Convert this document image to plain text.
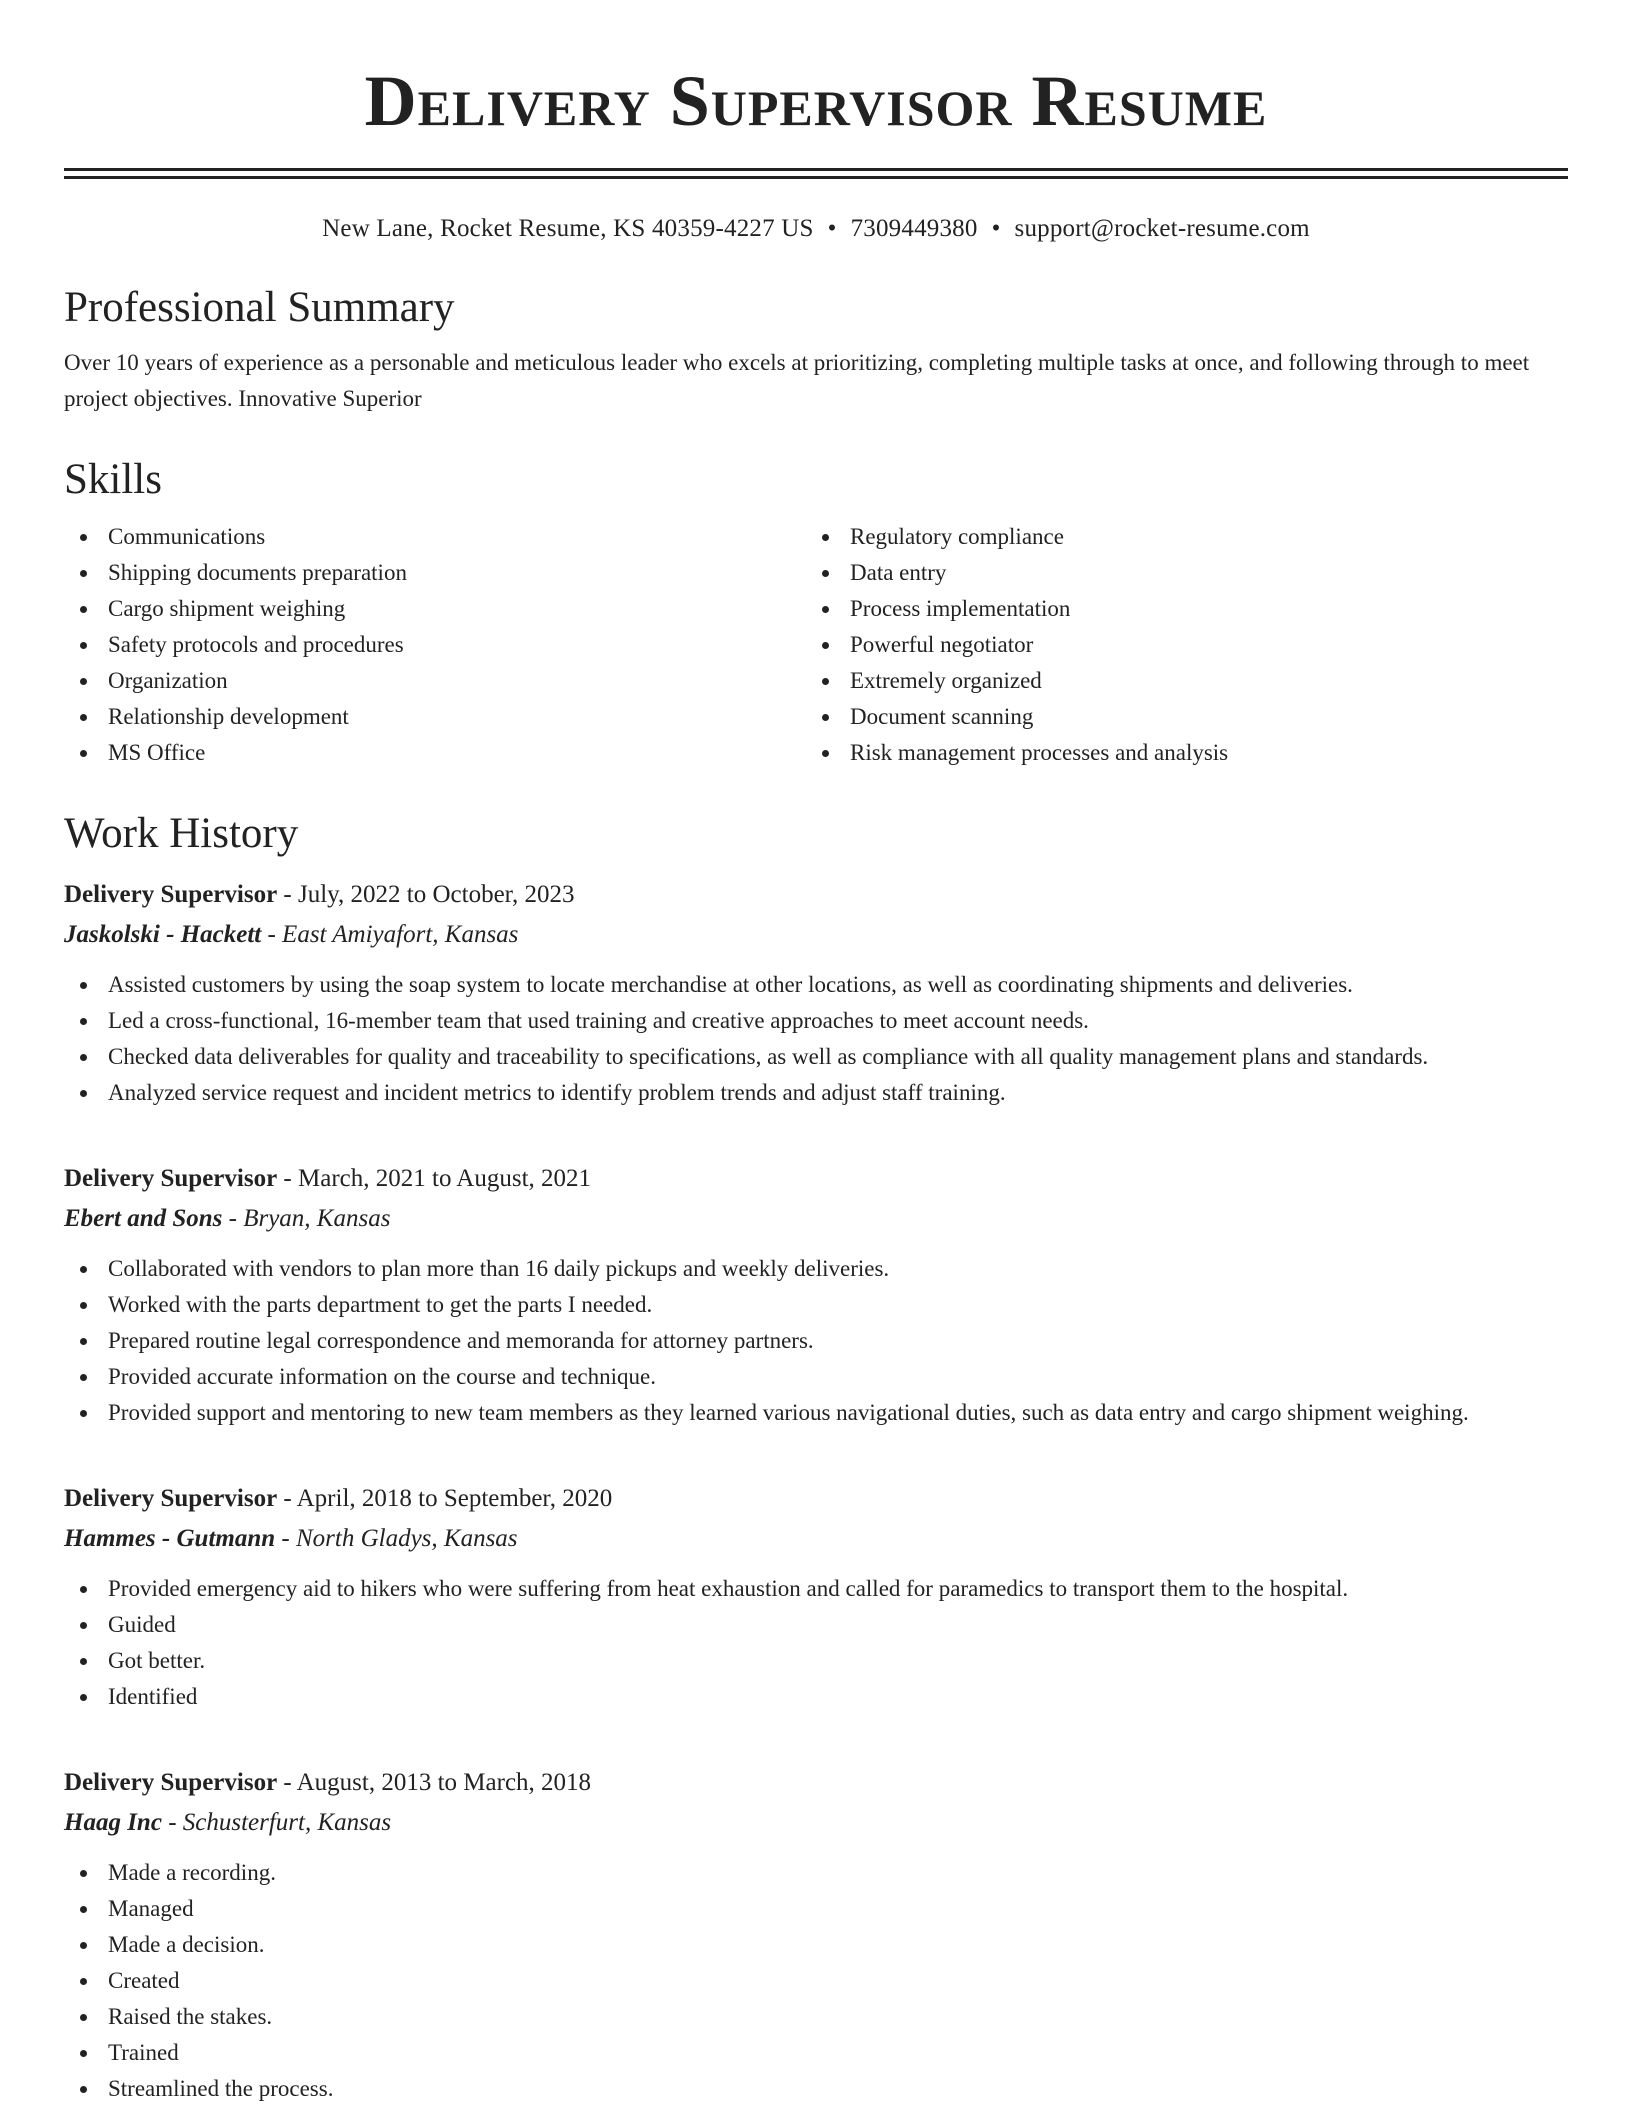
Delivery Supervisor Resume
New Lane, Rocket Resume, KS 40359-4227 US • 7309449380 • support@rocket-resume.com
Professional Summary

Over 10 years of experience as a personable and meticulous leader who excels at prioritizing, completing multiple tasks at once, and following through to meet project objectives. Innovative Superior

Skills
Communications
Shipping documents preparation
Cargo shipment weighing
Safety protocols and procedures
Organization
Relationship development
MS Office
Regulatory compliance
Data entry
Process implementation
Powerful negotiator
Extremely organized
Document scanning
Risk management processes and analysis
Work History
Delivery Supervisor - July, 2022 to October, 2023
Jaskolski - Hackett - East Amiyafort, Kansas
Assisted customers by using the soap system to locate merchandise at other locations, as well as coordinating shipments and deliveries.
Led a cross-functional, 16-member team that used training and creative approaches to meet account needs.
Checked data deliverables for quality and traceability to specifications, as well as compliance with all quality management plans and standards.
Analyzed service request and incident metrics to identify problem trends and adjust staff training.
Delivery Supervisor - March, 2021 to August, 2021
Ebert and Sons - Bryan, Kansas
Collaborated with vendors to plan more than 16 daily pickups and weekly deliveries.
Worked with the parts department to get the parts I needed.
Prepared routine legal correspondence and memoranda for attorney partners.
Provided accurate information on the course and technique.
Provided support and mentoring to new team members as they learned various navigational duties, such as data entry and cargo shipment weighing.
Delivery Supervisor - April, 2018 to September, 2020
Hammes - Gutmann - North Gladys, Kansas
Provided emergency aid to hikers who were suffering from heat exhaustion and called for paramedics to transport them to the hospital.
Guided
Got better.
Identified
Delivery Supervisor - August, 2013 to March, 2018
Haag Inc - Schusterfurt, Kansas
Made a recording.
Managed
Made a decision.
Created
Raised the stakes.
Trained
Streamlined the process.
